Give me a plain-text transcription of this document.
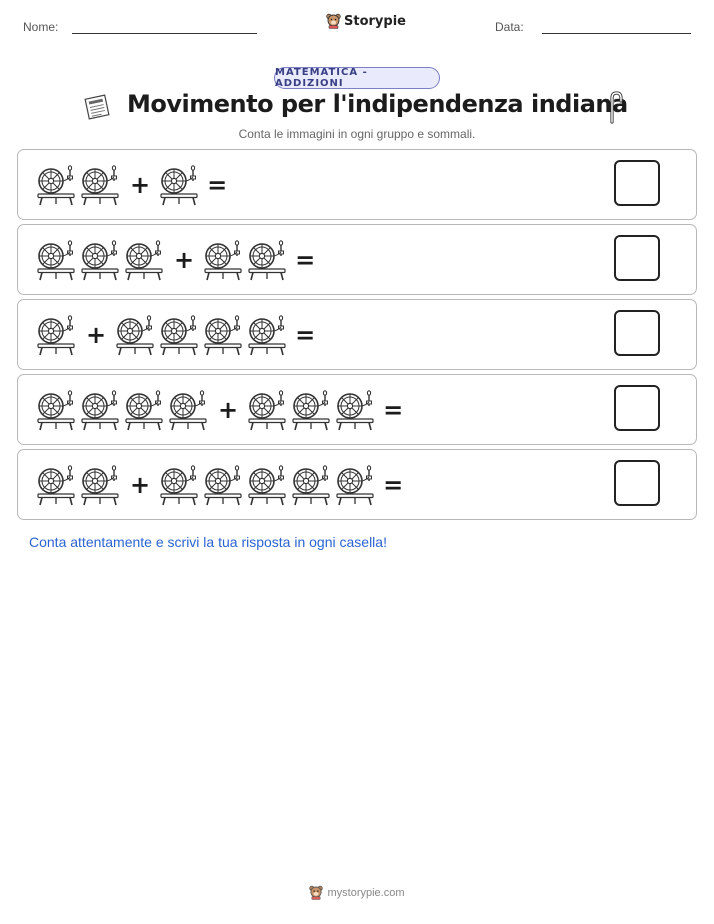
Nome:	Storypie	Data:
MATEMATICA - ADDIZIONI
Movimento per l'indipendenza indiana
Conta le immagini in ogni gruppo e sommali.
+ =
+	=
+	=
+	=
+	=
Conta attentamente e scrivi la tua risposta in ogni casella!
mystorypie.com
